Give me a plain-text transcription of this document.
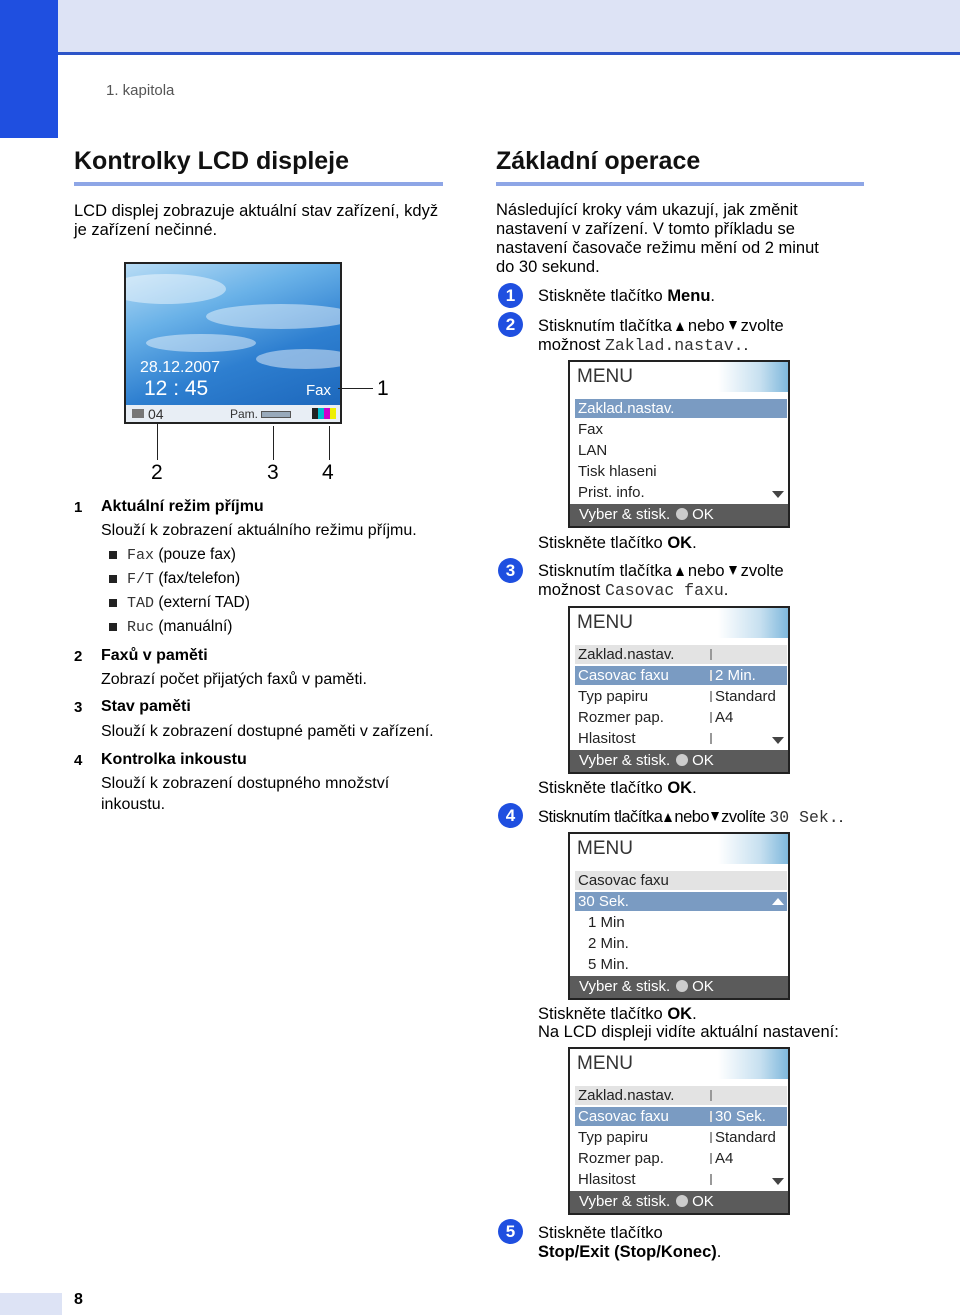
1. kapitola
Kontrolky LCD displeje
LCD displej zobrazuje aktuální stav zařízení, když je zařízení nečinné.
28.12.2007
12 : 45	Fax
04	Pam.
1
2	3 4
1 Aktuální režim příjmu
Slouží k zobrazení aktuálního režimu příjmu.
Fax (pouze fax)
F/T (fax/telefon)
TAD (externí TAD)
Ruc (manuální)
2 Faxů v paměti
Zobrazí počet přijatých faxů v paměti.
3 Stav paměti
Slouží k zobrazení dostupné paměti v zařízení.
4 Kontrolka inkoustu
Slouží k zobrazení dostupného množství
inkoustu.
Základní operace
Následující kroky vám ukazují, jak změnit
nastavení v zařízení. V tomto příkladu se
nastavení časovače režimu mění od 2 minut
do 30 sekund.
1	Stiskněte tlačítko Menu.
2	Stisknutím tlačítka nebo zvolte
možnost Zaklad.nastav..
MENU
Zaklad.nastav.
Fax
LAN
Tisk hlaseni
Prist. info.
Vyber & stisk. OK
Stiskněte tlačítko OK.
3	Stisknutím tlačítka nebo zvolte
možnost Casovac faxu.
MENU
Zaklad.nastav.
Casovac faxu	2 Min.
Typ papiru	Standard
Rozmer pap.	A4
Hlasitost
Vyber & stisk. OK
Stiskněte tlačítko OK.
4	Stisknutím tlačítka nebo zvolíte 30 Sek..
MENU
Casovac faxu
30 Sek.
1 Min
2 Min.
5 Min.
Vyber & stisk. OK
Stiskněte tlačítko OK.
Na LCD displeji vidíte aktuální nastavení:
MENU
Zaklad.nastav.
Casovac faxu	30 Sek.
Typ papiru	Standard
Rozmer pap.	A4
Hlasitost
Vyber & stisk. OK
5	Stiskněte tlačítko
Stop/Exit (Stop/Konec).
8
